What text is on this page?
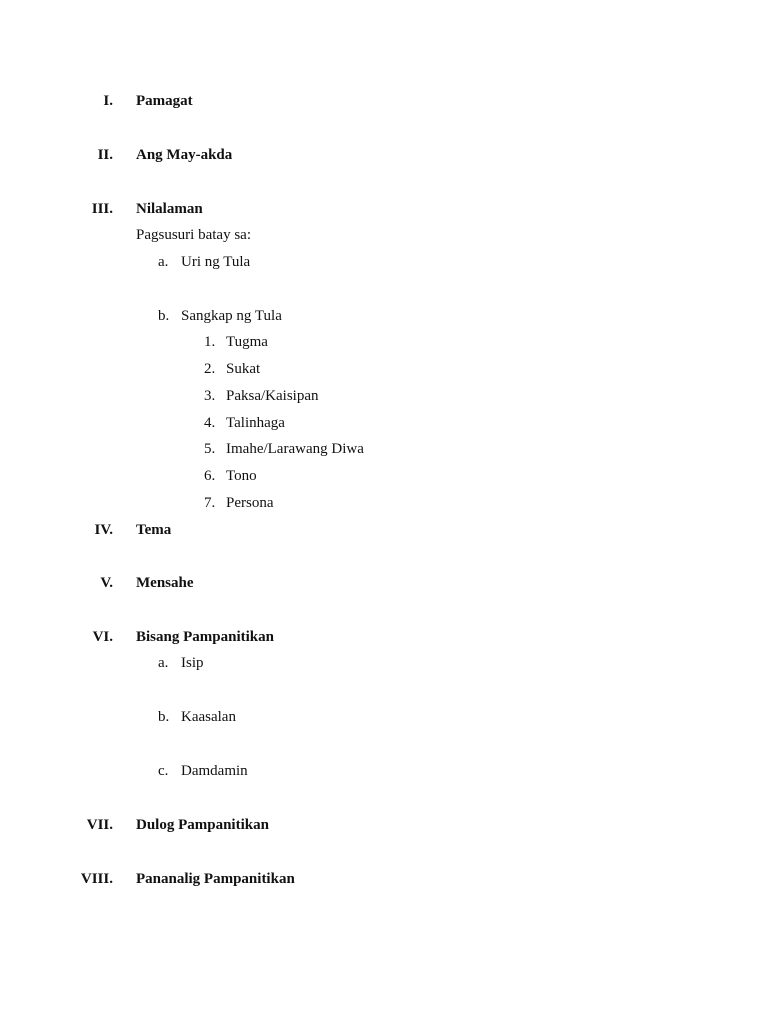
I. Pamagat
II. Ang May-akda
III. Nilalaman
Pagsusuri batay sa:
a. Uri ng Tula
b. Sangkap ng Tula
1. Tugma
2. Sukat
3. Paksa/Kaisipan
4. Talinhaga
5. Imahe/Larawang Diwa
6. Tono
7. Persona
IV. Tema
V. Mensahe
VI. Bisang Pampanitikan
a. Isip
b. Kaasalan
c. Damdamin
VII. Dulog Pampanitikan
VIII. Pananalig Pampanitikan
